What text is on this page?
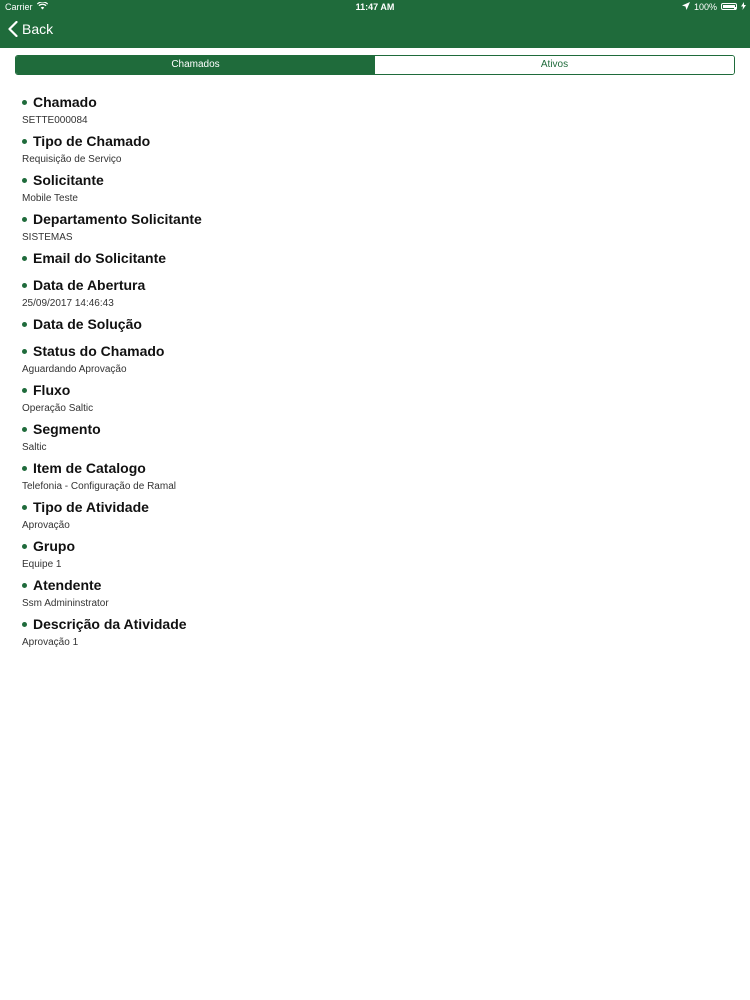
Carrier	11:47 AM	100%
Back
Chamados	Ativos
Chamado
SETTE000084
Tipo de Chamado
Requisição de Serviço
Solicitante
Mobile Teste
Departamento Solicitante
SISTEMAS
Email do Solicitante
Data de Abertura
25/09/2017 14:46:43
Data de Solução
Status do Chamado
Aguardando Aprovação
Fluxo
Operação Saltic
Segmento
Saltic
Item de Catalogo
Telefonia - Configuração de Ramal
Tipo de Atividade
Aprovação
Grupo
Equipe 1
Atendente
Ssm Admininstrator
Descrição da Atividade
Aprovação 1
